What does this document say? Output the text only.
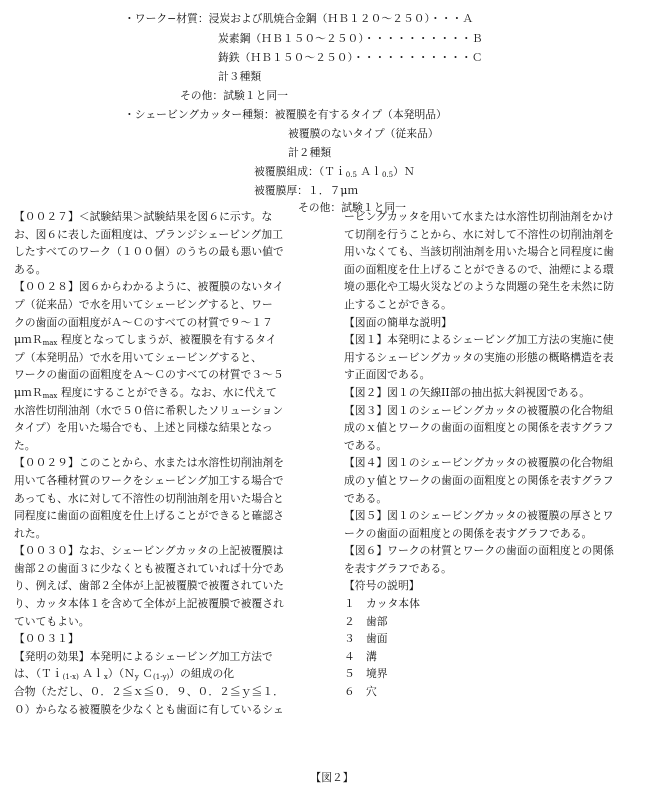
・ワーク−材質：浸炭および肌焼合金鋼（ＨＢ１２０〜２５０）・・・Ａ
炭素鋼（ＨＢ１５０〜２５０）・・・・・・・・・・Ｂ
鋳鉄（ＨＢ１５０〜２５０）・・・・・・・・・・・Ｃ
計３種類
その他：試験１と同一
・シェービングカッター種類：被覆膜を有するタイプ（本発明品）
被覆膜のないタイプ（従来品）
計２種類
被覆膜組成：（Ｔｉ$_{0.5}$ Ａｌ$_{0.5}$）Ｎ
被覆膜厚：１．７μｍ
その他：試験１と同一
【００２７】＜試験結果＞試験結果を図６に示す。な
お、図６に表した面粗度は、プランジシェービング加工
したすべてのワーク（１００個）のうちの最も悪い値で
ある。
【００２８】図６からわかるように、被覆膜のないタイ
プ（従来品）で水を用いてシェービングすると、ワー
クの歯面の面粗度がＡ〜Ｃのすべての材質で９〜１７
μｍＲ$_{max}$ 程度となってしまうが、被覆膜を有するタイ
プ（本発明品）で水を用いてシェービングすると、
ワークの歯面の面粗度をＡ〜Ｃのすべての材質で３〜５
μｍＲ$_{max}$ 程度にすることができる。なお、水に代えて
水溶性切削油剤（水で５０倍に希釈したソリューション
タイプ）を用いた場合でも、上述と同様な結果となっ
た。
【００２９】このことから、水または水溶性切削油剤を
用いて各種材質のワークをシェービング加工する場合で
あっても、水に対して不溶性の切削油剤を用いた場合と
同程度に歯面の面粗度を仕上げることができると確認さ
れた。
【００３０】なお、シェービングカッタの上記被覆膜は
歯部２の歯面３に少なくとも被覆されていれば十分であ
り、例えば、歯部２全体が上記被覆膜で被覆されていた
り、カッタ本体１を含めて全体が上記被覆膜で被覆され
ていてもよい。
【００３１】
【発明の効果】本発明によるシェービング加工方法で
は、（Ｔｉ$_{(1-x)}$ Ａｌ$_x$）（Ｎ$_y$ Ｃ$_{(1-y)}$）の組成の化
合物（ただし、０．２≦ｘ≦０．９、０．２≦ｙ≦１．
０）からなる被覆膜を少なくとも歯面に有しているシェ
ービングカッタを用いて水または水溶性切削油剤をかけ
て切削を行うことから、水に対して不溶性の切削油剤を
用いなくても、当該切削油剤を用いた場合と同程度に歯
面の面粗度を仕上げることができるので、油煙による環
境の悪化や工場火災などのような問題の発生を未然に防
止することができる。
【図面の簡単な説明】
【図１】本発明によるシェービング加工方法の実施に使
用するシェービングカッタの実施の形態の概略構造を表
す正面図である。
【図２】図１の矢線II部の抽出拡大斜視図である。
【図３】図１のシェービングカッタの被覆膜の化合物組
成のｘ値とワークの歯面の面粗度との関係を表すグラフ
である。
【図４】図１のシェービングカッタの被覆膜の化合物組
成のｙ値とワークの歯面の面粗度との関係を表すグラフ
である。
【図５】図１のシェービングカッタの被覆膜の厚さとワ
ークの歯面の面粗度との関係を表すグラフである。
【図６】ワークの材質とワークの歯面の面粗度との関係
を表すグラフである。
【符号の説明】
１ カッタ本体
２ 歯部
３ 歯面
４ 溝
５ 境界
６ 穴
【図２】
